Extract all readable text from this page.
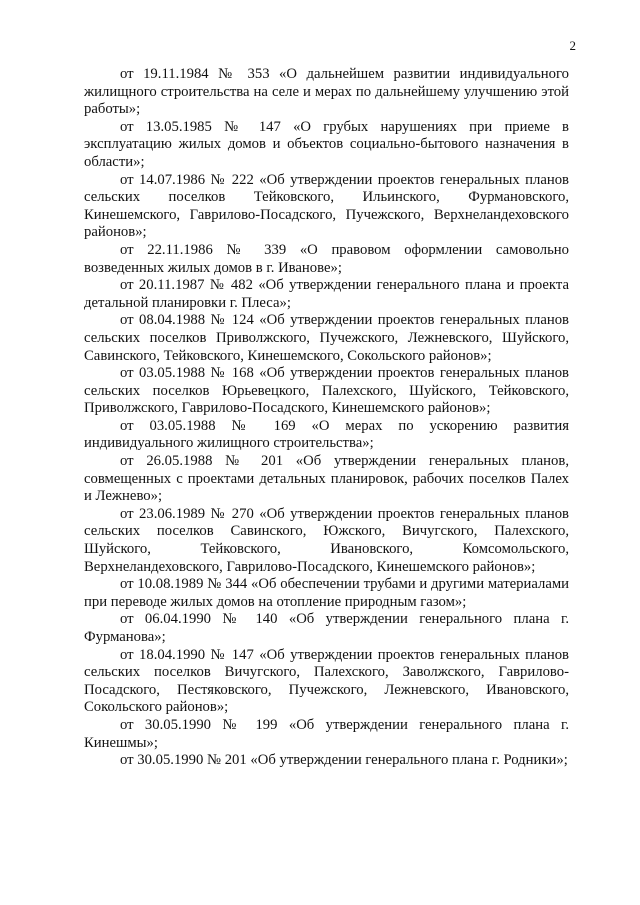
2

от 19.11.1984 № 353 «О дальнейшем развитии индивидуального жилищного строительства на селе и мерах по дальнейшему улучшению этой работы»;

от 13.05.1985 № 147 «О грубых нарушениях при приеме в эксплуатацию жилых домов и объектов социально-бытового назначения в области»;

от 14.07.1986 № 222 «Об утверждении проектов генеральных планов сельских поселков Тейковского, Ильинского, Фурмановского, Кинешемского, Гаврилово-Посадского, Пучежского, Верхнеландеховского районов»;

от 22.11.1986 № 339 «О правовом оформлении самовольно возведенных жилых домов в г. Иванове»;

от 20.11.1987 № 482 «Об утверждении генерального плана и проекта детальной планировки г. Плеса»;

от 08.04.1988 № 124 «Об утверждении проектов генеральных планов сельских поселков Приволжского, Пучежского, Лежневского, Шуйского, Савинского, Тейковского, Кинешемского, Сокольского районов»;

от 03.05.1988 № 168 «Об утверждении проектов генеральных планов сельских поселков Юрьевецкого, Палехского, Шуйского, Тейковского, Приволжского, Гаврилово-Посадского, Кинешемского районов»;

от 03.05.1988 № 169 «О мерах по ускорению развития индивидуального жилищного строительства»;

от 26.05.1988 № 201 «Об утверждении генеральных планов, совмещенных с проектами детальных планировок, рабочих поселков Палех и Лежнево»;

от 23.06.1989 № 270 «Об утверждении проектов генеральных планов сельских поселков Савинского, Южского, Вичугского, Палехского, Шуйского, Тейковского, Ивановского, Комсомольского, Верхнеландеховского, Гаврилово-Посадского, Кинешемского районов»;

от 10.08.1989 № 344 «Об обеспечении трубами и другими материалами при переводе жилых домов на отопление природным газом»;

от 06.04.1990 № 140 «Об утверждении генерального плана г. Фурманова»;

от 18.04.1990 № 147 «Об утверждении проектов генеральных планов сельских поселков Вичугского, Палехского, Заволжского, Гаврилово-Посадского, Пестяковского, Пучежского, Лежневского, Ивановского, Сокольского районов»;

от 30.05.1990 № 199 «Об утверждении генерального плана г. Кинешмы»;

от 30.05.1990 № 201 «Об утверждении генерального плана г. Родники»;
